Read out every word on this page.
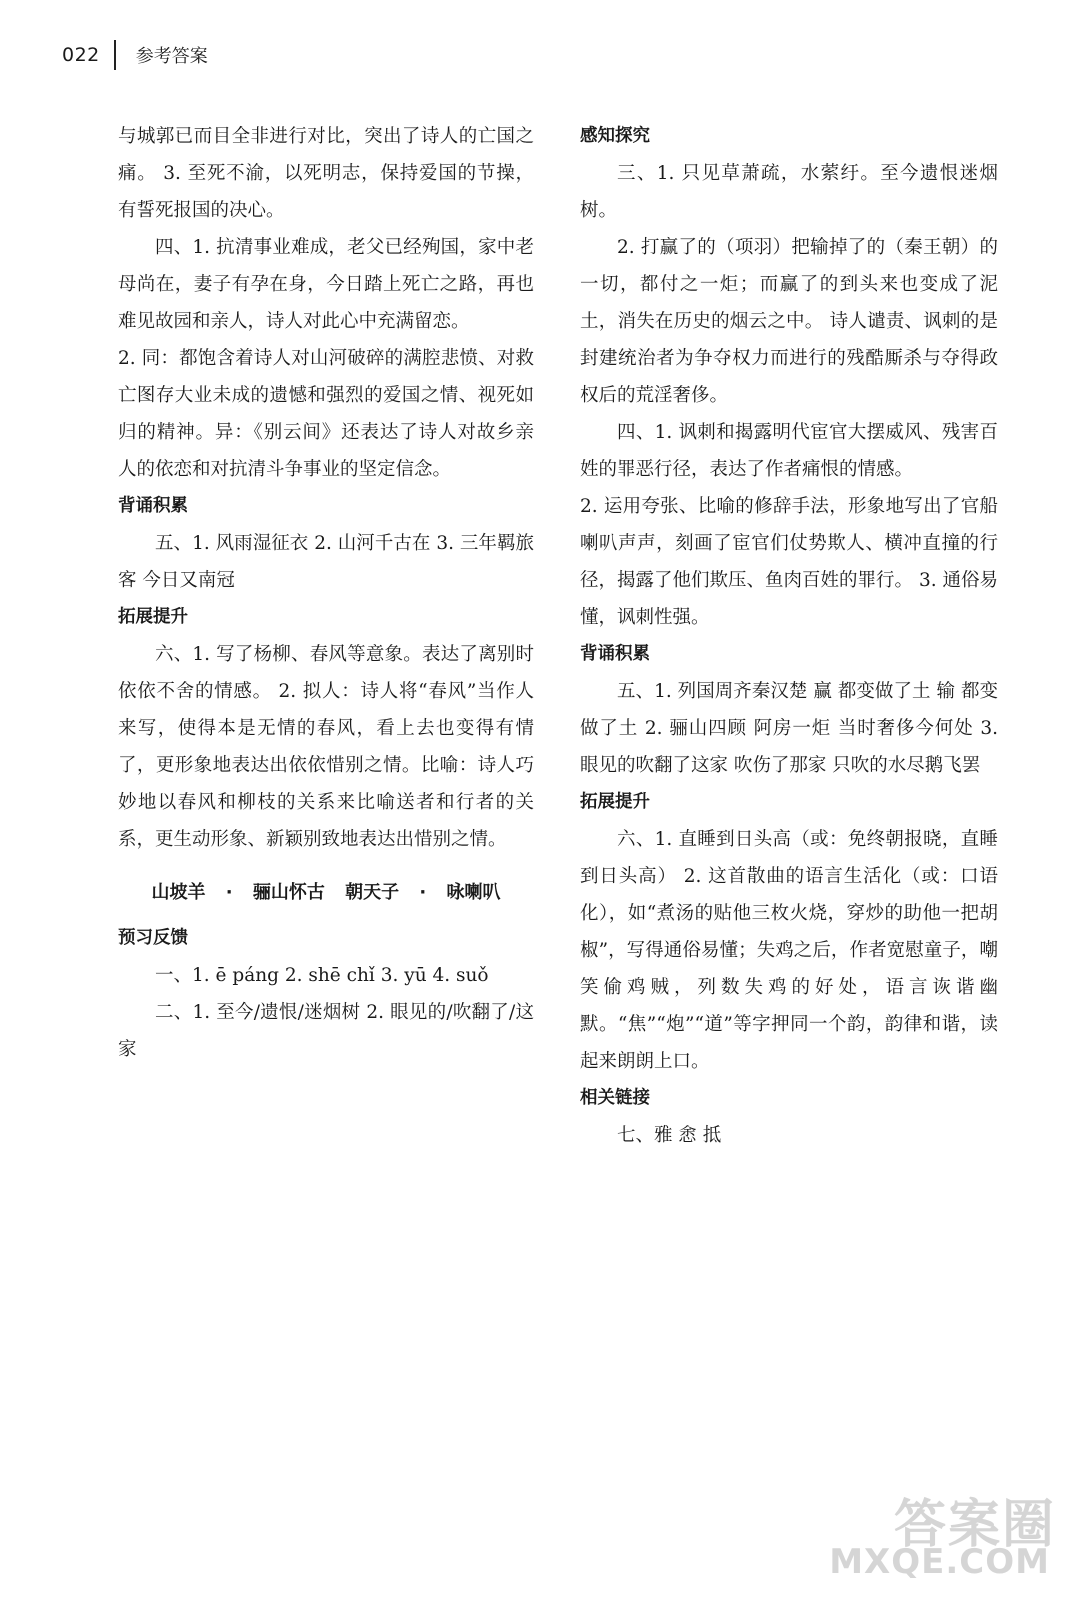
022 参考答案

与城郭已而目全非进行对比，突出了诗人的亡国之痛。 3. 至死不渝，以死明志，保持爱国的节操，有誓死报国的决心。

四、1. 抗清事业难成，老父已经殉国，家中老母尚在，妻子有孕在身，今日踏上死亡之路，再也难见故园和亲人，诗人对此心中充满留恋。

2. 同：都饱含着诗人对山河破碎的满腔悲愤、对救亡图存大业未成的遗憾和强烈的爱国之情、视死如归的精神。异：《别云间》还表达了诗人对故乡亲人的依恋和对抗清斗争事业的坚定信念。

背诵积累

五、1. 风雨湿征衣 2. 山河千古在 3. 三年羁旅客 今日又南冠

拓展提升

六、1. 写了杨柳、春风等意象。表达了离别时依依不舍的情感。 2. 拟人：诗人将“春风”当作人来写，使得本是无情的春风，看上去也变得有情了，更形象地表达出依依惜别之情。比喻：诗人巧妙地以春风和柳枝的关系来比喻送者和行者的关系，更生动形象、新颖别致地表达出惜别之情。

山坡羊 · 骊山怀古 朝天子 · 咏喇叭
预习反馈

一、1. ē páng 2. shē chǐ 3. yū 4. suǒ

二、1. 至今/遗恨/迷烟树 2. 眼见的/吹翻了/这家

感知探究

三、1. 只见草萧疏，水萦纡。至今遗恨迷烟树。

2. 打赢了的（项羽）把输掉了的（秦王朝）的一切，都付之一炬；而赢了的到头来也变成了泥土，消失在历史的烟云之中。 诗人谴责、讽刺的是封建统治者为争夺权力而进行的残酷厮杀与夺得政权后的荒淫奢侈。

四、1. 讽刺和揭露明代宦官大摆威风、残害百姓的罪恶行径，表达了作者痛恨的情感。

2. 运用夸张、比喻的修辞手法，形象地写出了官船喇叭声声，刻画了宦官们仗势欺人、横冲直撞的行径，揭露了他们欺压、鱼肉百姓的罪行。 3. 通俗易懂，讽刺性强。

背诵积累

五、1. 列国周齐秦汉楚 赢 都变做了土 输 都变做了土 2. 骊山四顾 阿房一炬 当时奢侈今何处 3. 眼见的吹翻了这家 吹伤了那家 只吹的水尽鹅飞罢

拓展提升

六、1. 直睡到日头高（或：免终朝报晓，直睡到日头高） 2. 这首散曲的语言生活化（或：口语化），如“煮汤的贴他三枚火烧，穿炒的助他一把胡椒”，写得通俗易懂；失鸡之后，作者宽慰童子，嘲笑偷鸡贼，列数失鸡的好处，语言诙谐幽默。“焦”“炮”“道”等字押同一个韵，韵律和谐，读起来朗朗上口。

相关链接

七、雅 悆 抵

答案圈
MXQE.COM
